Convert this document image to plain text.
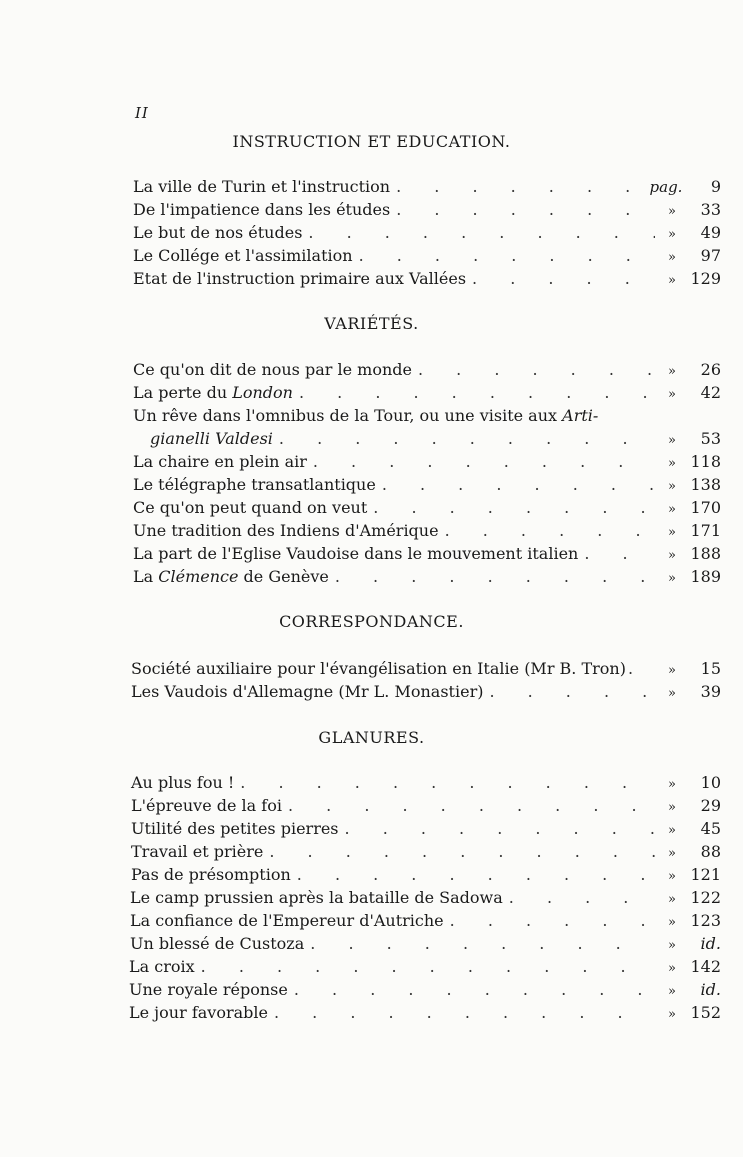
II
INSTRUCTION ET EDUCATION.
La ville de Turin et l'instruction . . .	pag.	9
De l'impatience dans les études . . .	»	33
Le but de nos études . . .	»	49
Le Collége et l'assimilation . . .	»	97
Etat de l'instruction primaire aux Vallées . . .	» 129
VARIÉTÉS.
Ce qu'on dit de nous par le monde . . .	»	26
La perte du London . . .	»	42
Un rêve dans l'omnibus de la Tour, ou une visite aux Arti-
gianelli Valdesi . . .	»	53
La chaire en plein air . . .	» 118
Le télégraphe transatlantique . . .	» 138
Ce qu'on peut quand on veut . . .	» 170
Une tradition des Indiens d'Amérique . . .	» 171
La part de l'Eglise Vaudoise dans le mouvement italien . . .	» 188
La Clémence de Genève . . .	» 189
CORRESPONDANCE.
Société auxiliaire pour l'évangélisation en Italie (Mr B. Tron) . . .	»	15
Les Vaudois d'Allemagne (Mr L. Monastier) . . .	»	39
GLANURES.
Au plus fou ! . . .	»	10
L'épreuve de la foi . . .	»	29
Utilité des petites pierres . . .	»	45
Travail et prière . . .	»	88
Pas de présomption . . .	» 121
Le camp prussien après la bataille de Sadowa . . .	» 122
La confiance de l'Empereur d'Autriche . . .	» 123
Un blessé de Custoza . . .	»	id.
La croix . . .	» 142
Une royale réponse . . .	»	id.
Le jour favorable . . .	» 152
